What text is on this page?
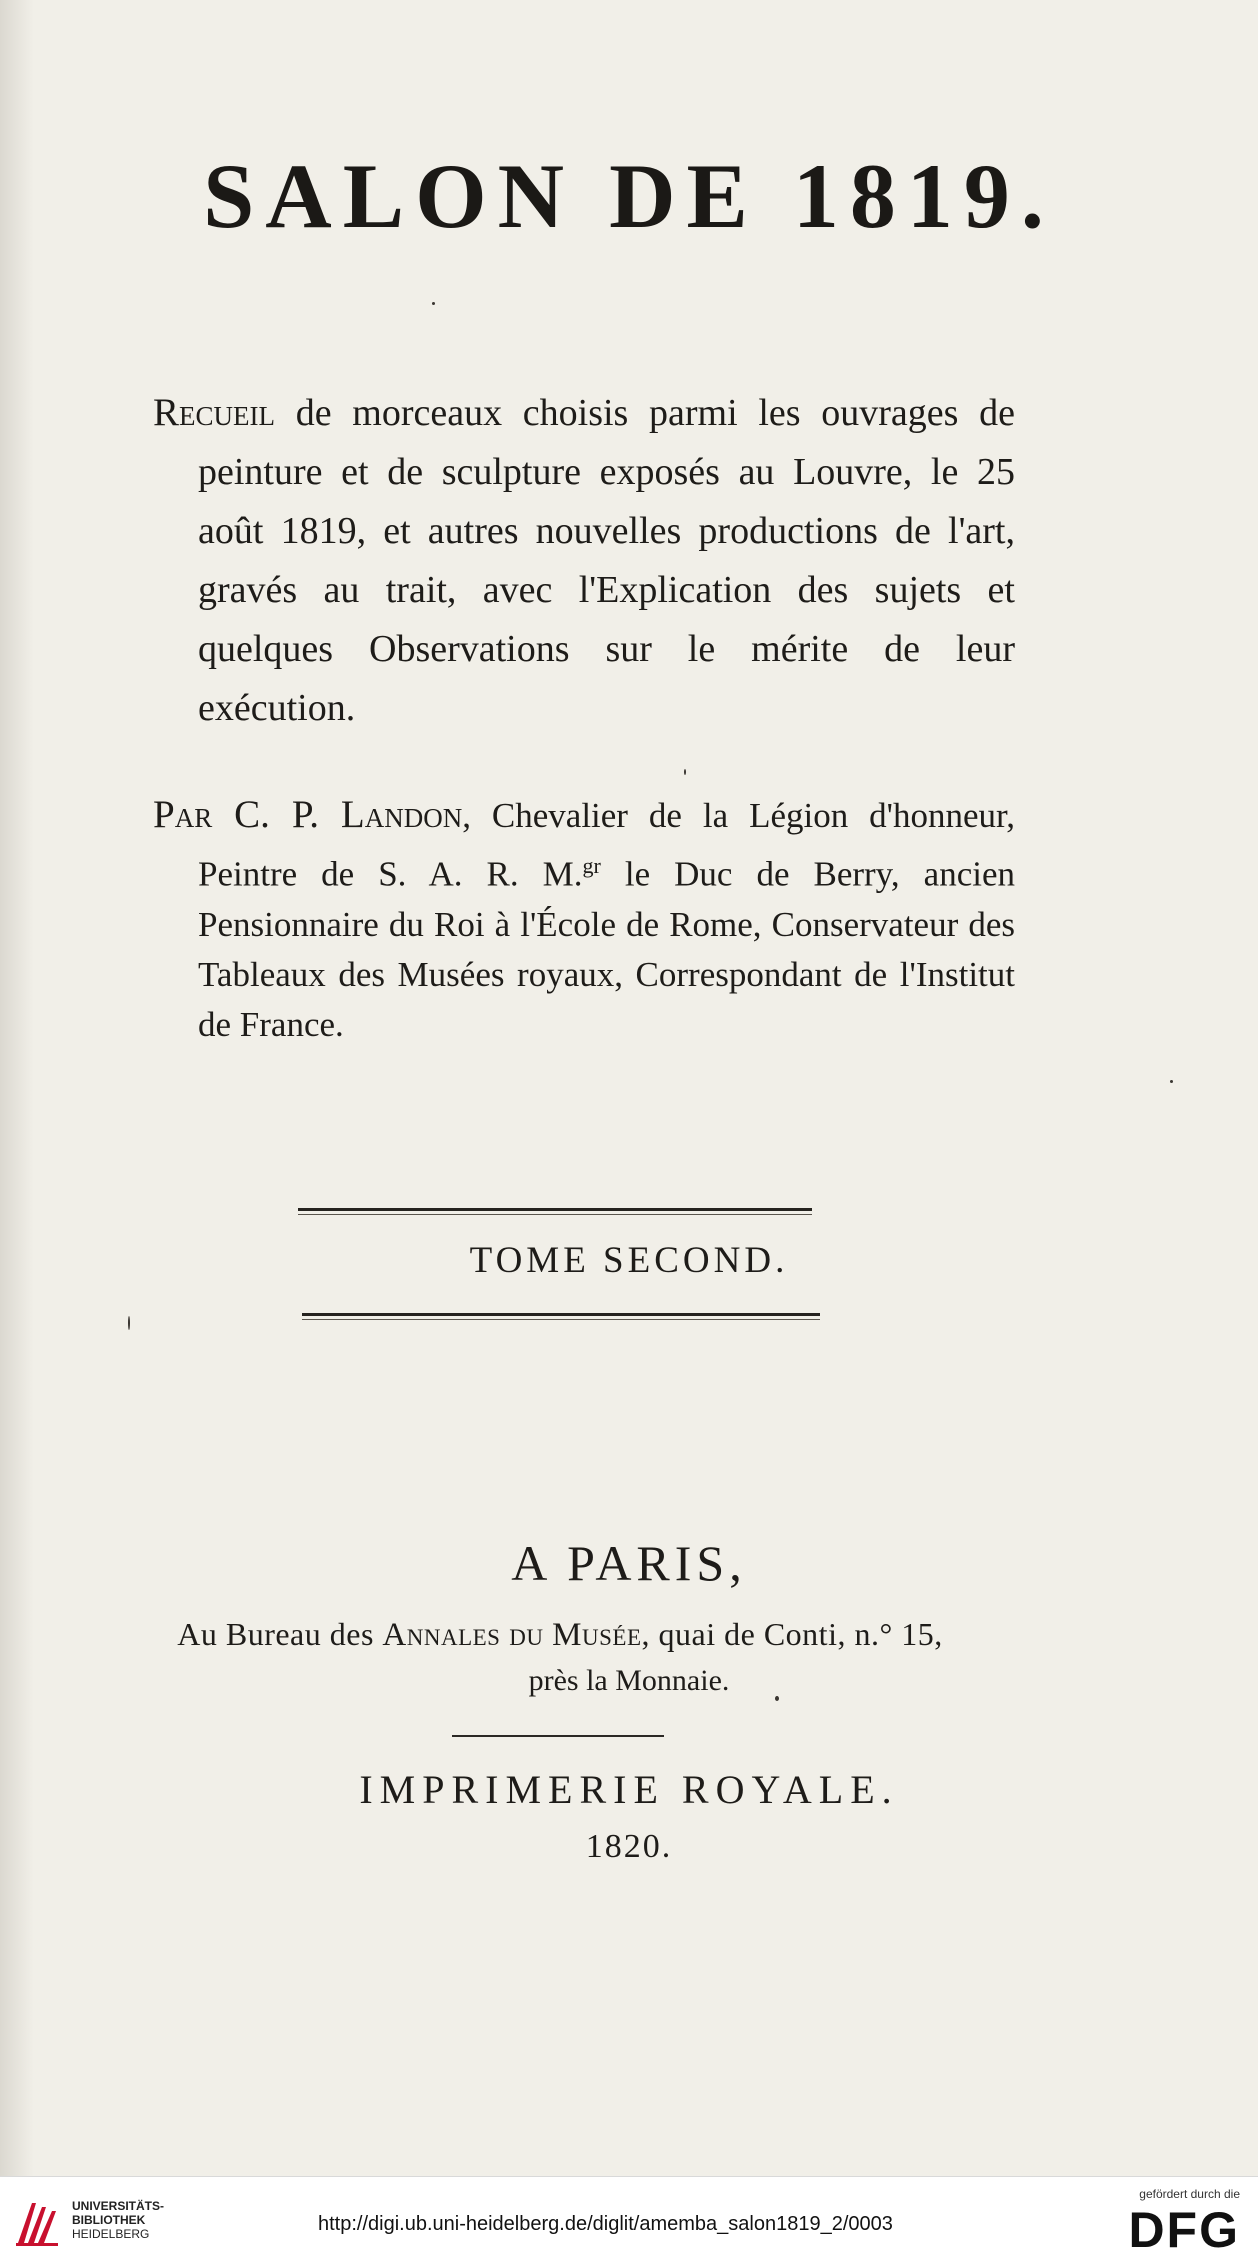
SALON DE 1819.

Recueil de morceaux choisis parmi les ouvrages de peinture et de sculpture exposés au Louvre, le 25 août 1819, et autres nouvelles productions de l'art, gravés au trait, avec l'Explication des sujets et quelques Observations sur le mérite de leur exécution.

Par C. P. Landon, Chevalier de la Légion d'honneur, Peintre de S. A. R. M.$^{gr}$ le Duc de Berry, ancien Pensionnaire du Roi à l'École de Rome, Conservateur des Tableaux des Musées royaux, Correspondant de l'Institut de France.

TOME SECOND.
A PARIS,
Au Bureau des Annales du Musée, quai de Conti, n.° 15,
près la Monnaie.
IMPRIMERIE ROYALE.
1820.
UNIVERSITÄTS-
BIBLIOTHEK
HEIDELBERG	http://digi.ub.uni-heidelberg.de/diglit/amemba_salon1819_2/0003
gefördert durch die
DFG
